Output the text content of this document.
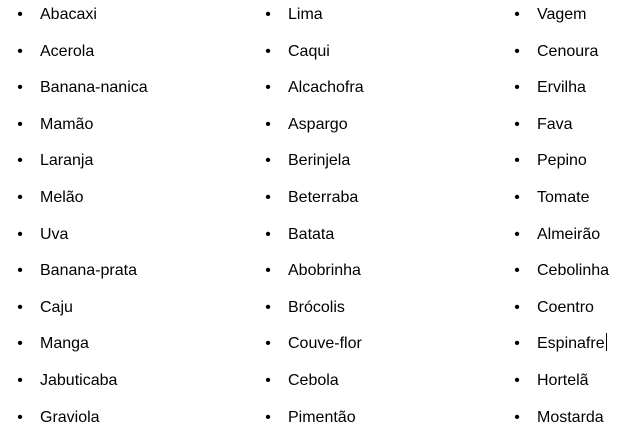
• Abacaxi
• Acerola
• Banana-nanica
• Mamão
• Laranja
• Melão
• Uva
• Banana-prata
• Caju
• Manga
• Jabuticaba
• Graviola
• Lima
• Caqui
• Alcachofra
• Aspargo
• Berinjela
• Beterraba
• Batata
• Abobrinha
• Brócolis
• Couve-flor
• Cebola
• Pimentão
• Vagem
• Cenoura
• Ervilha
• Fava
• Pepino
• Tomate
• Almeirão
• Cebolinha
• Coentro
• Espinafre
• Hortelã
• Mostarda
